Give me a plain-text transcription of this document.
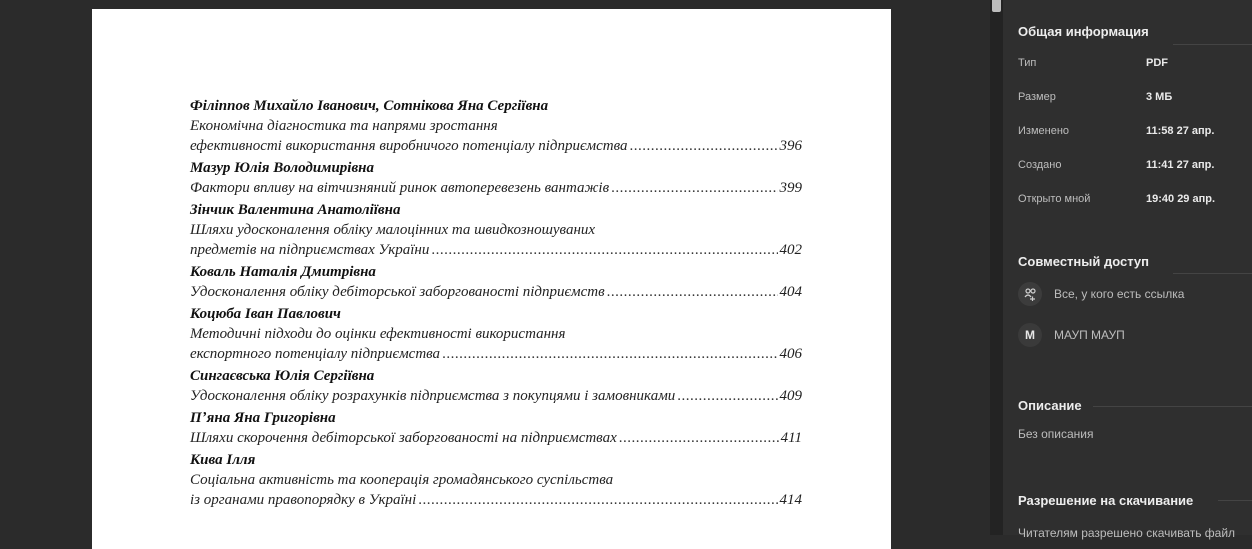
Філіппов Михайло Іванович, Сотнікова Яна Сергіївна
Економічна діагностика та напрями зростання
ефективності використання виробничого потенціалу підприємства .....	396
Мазур Юлія Володимирівна
Фактори впливу на вітчизняний ринок автоперевезень вантажів .....	399
Зінчик Валентина Анатоліївна
Шляхи удосконалення обліку малоцінних та швидкозношуваних
предметів на підприємствах України .....	402
Коваль Наталія Дмитрівна
Удосконалення обліку дебіторської заборгованості підприємств .....	404
Коцюба Іван Павлович
Методичні підходи до оцінки ефективності використання
експортного потенціалу підприємства .....	406
Сингаєвська Юлія Сергіївна
Удосконалення обліку розрахунків підприємства з покупцями і замовниками .....	409
Пʼяна Яна Григорівна
Шляхи скорочення дебіторської заборгованості на підприємствах .....	411
Кива Ілля
Соціальна активність та кооперація громадянського суспільства
із органами правопорядку в Україні .....	414
Общая информация
Тип	PDF
Размер	3 МБ
Изменено	11:58 27 апр.
Создано	11:41 27 апр.
Открыто мной	19:40 29 апр.
Совместный доступ
Все, у кого есть ссылка
M	МАУП МАУП
Описание
Без описания
Разрешение на скачивание
Читателям разрешено скачивать файл
